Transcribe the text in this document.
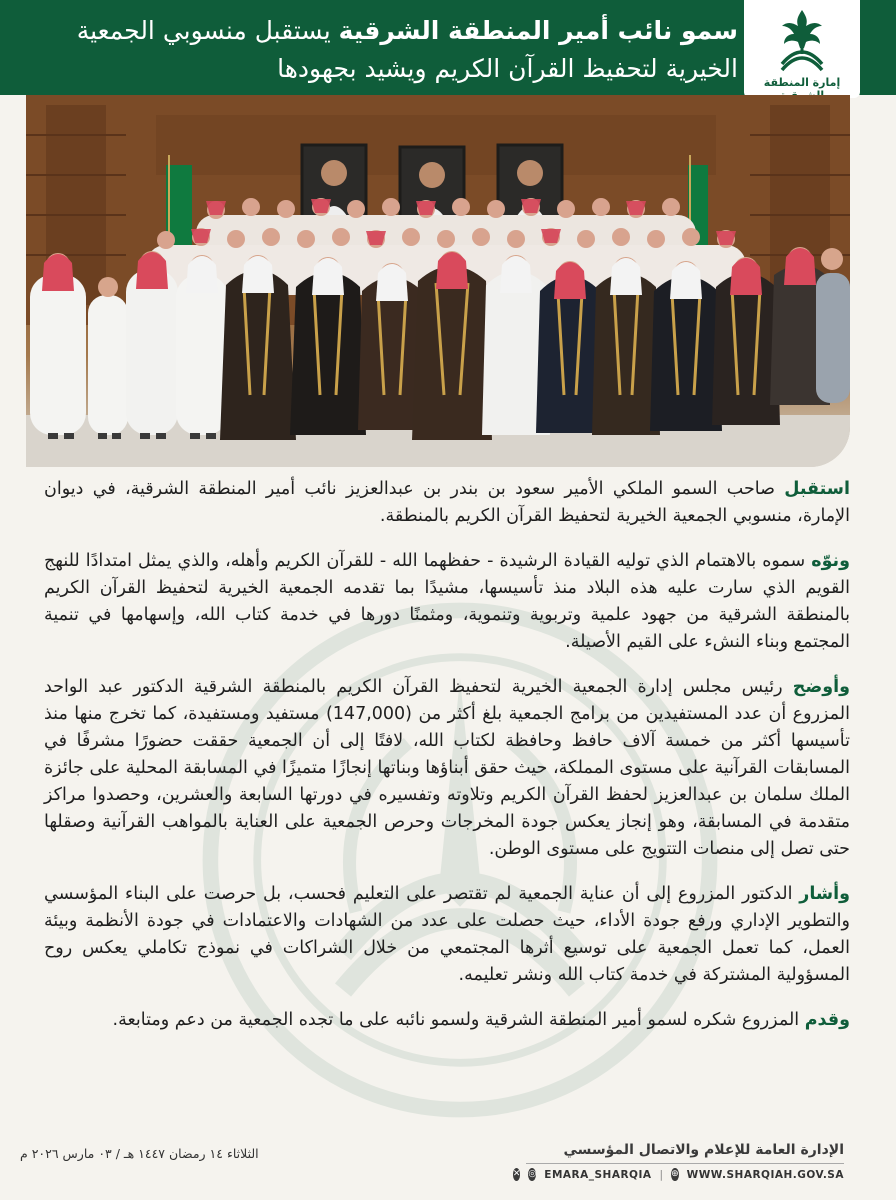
سمو نائب أمير المنطقة الشرقية يستقبل منسوبي الجمعية الخيرية لتحفيظ القرآن الكريم ويشيد بجهودها	إمارة المنطقة

استقبل صاحب السمو الملكي الأمير سعود بن بندر بن عبدالعزيز نائب أمير المنطقة الشرقية، في ديوان الإمارة، منسوبي الجمعية الخيرية لتحفيظ القرآن الكريم بالمنطقة.

ونوّه سموه بالاهتمام الذي توليه القيادة الرشيدة - حفظهما الله - للقرآن الكريم وأهله، والذي يمثل امتدادًا للنهج القويم الذي سارت عليه هذه البلاد منذ تأسيسها، مشيدًا بما تقدمه الجمعية الخيرية لتحفيظ القرآن الكريم بالمنطقة الشرقية من جهود علمية وتربوية وتنموية، ومثمنًا دورها في خدمة كتاب الله، وإسهامها في تنمية المجتمع وبناء النشء على القيم الأصيلة.

وأوضح رئيس مجلس إدارة الجمعية الخيرية لتحفيظ القرآن الكريم بالمنطقة الشرقية الدكتور عبد الواحد المزروع أن عدد المستفيدين من برامج الجمعية بلغ أكثر من (147,000) مستفيد ومستفيدة، كما تخرج منها منذ تأسيسها أكثر من خمسة آلاف حافظ وحافظة لكتاب الله، لافتًا إلى أن الجمعية حققت حضورًا مشرفًا في المسابقات القرآنية على مستوى المملكة، حيث حقق أبناؤها وبناتها إنجازًا متميزًا في المسابقة المحلية على جائزة الملك سلمان بن عبدالعزيز لحفظ القرآن الكريم وتلاوته وتفسيره في دورتها السابعة والعشرين، وحصدوا مراكز متقدمة في المسابقة، وهو إنجاز يعكس جودة المخرجات وحرص الجمعية على العناية بالمواهب القرآنية وصقلها حتى تصل إلى منصات التتويج على مستوى الوطن.

وأشار الدكتور المزروع إلى أن عناية الجمعية لم تقتصر على التعليم فحسب، بل حرصت على البناء المؤسسي والتطوير الإداري ورفع جودة الأداء، حيث حصلت على عدد من الشهادات والاعتمادات في جودة الأنظمة وبيئة العمل، كما تعمل الجمعية على توسيع أثرها المجتمعي من خلال الشراكات في نموذج تكاملي يعكس روح المسؤولية المشتركة في خدمة كتاب الله ونشر تعليمه.

وقدم المزروع شكره لسمو أمير المنطقة الشرقية ولسمو نائبه على ما تجده الجمعية من دعم ومتابعة.

الثلاثاء ١٤ رمضان ١٤٤٧ هـ / ٠٣ مارس ٢٠٢٦ م	الإدارة العامة للإعلام والاتصال المؤسسي
✕ ◎ EMARA_SHARQIA | ⊕ WWW.SHARQIAH.GOV.SA
